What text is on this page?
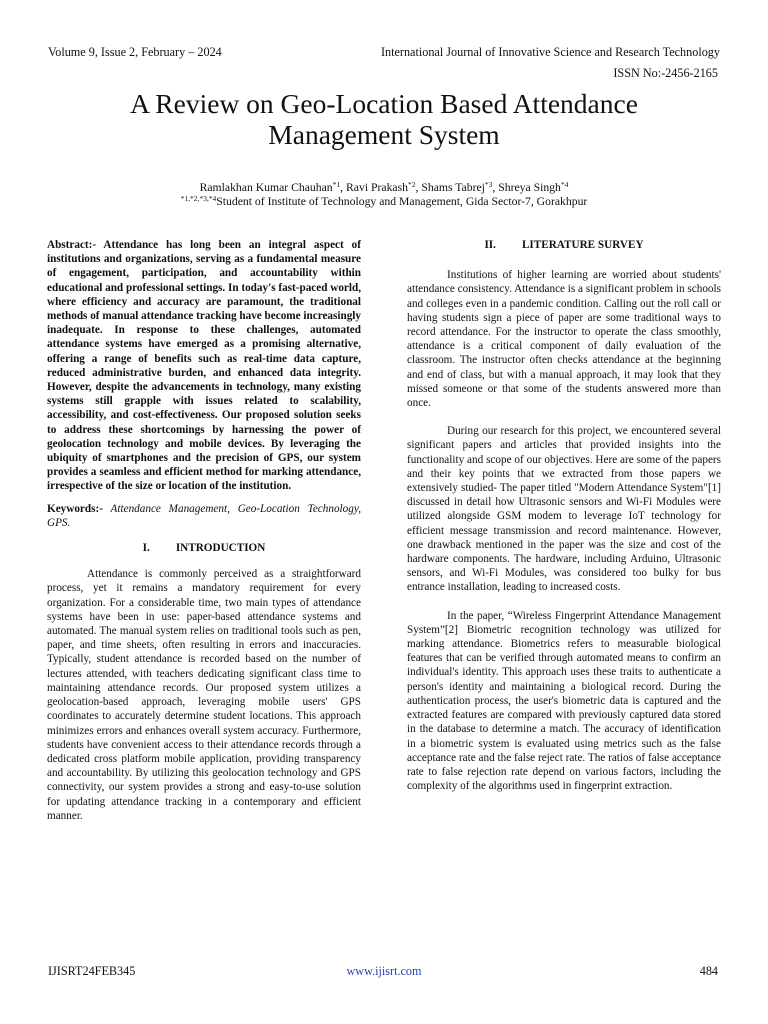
Volume 9, Issue 2, February – 2024	International Journal of Innovative Science and Research Technology
ISSN No:-2456-2165
A Review on Geo-Location Based Attendance Management System
Ramlakhan Kumar Chauhan$^{*1}$, Ravi Prakash$^{*2}$, Shams Tabrej$^{*3}$, Shreya Singh$^{*4}$
$^{*1,*2,*3,*4}$Student of Institute of Technology and Management, Gida Sector-7, Gorakhpur

Abstract:- Attendance has long been an integral aspect of institutions and organizations, serving as a fundamental measure of engagement, participation, and accountability within educational and professional settings. In today's fast-paced world, where efficiency and accuracy are paramount, the traditional methods of manual attendance tracking have become increasingly inadequate. In response to these challenges, automated attendance systems have emerged as a promising alternative, offering a range of benefits such as real-time data capture, reduced administrative burden, and enhanced data integrity. However, despite the advancements in technology, many existing systems still grapple with issues related to scalability, accessibility, and cost-effectiveness. Our proposed solution seeks to address these shortcomings by harnessing the power of geolocation technology and mobile devices. By leveraging the ubiquity of smartphones and the precision of GPS, our system provides a seamless and efficient method for marking attendance, irrespective of the size or location of the institution.

Keywords:- Attendance Management, Geo-Location Technology, GPS.

I. INTRODUCTION

Attendance is commonly perceived as a straightforward process, yet it remains a mandatory requirement for every organization. For a considerable time, two main types of attendance systems have been in use: paper-based attendance systems and automated. The manual system relies on traditional tools such as pen, paper, and time sheets, often resulting in errors and inaccuracies. Typically, student attendance is recorded based on the number of lectures attended, with teachers dedicating significant class time to maintaining attendance records. Our proposed system utilizes a geolocation-based approach, leveraging mobile users' GPS coordinates to accurately determine student locations. This approach minimizes errors and enhances overall system accuracy. Furthermore, students have convenient access to their attendance records through a dedicated cross platform mobile application, providing transparency and accountability. By utilizing this geolocation technology and GPS connectivity, our system provides a strong and easy-to-use solution for updating attendance tracking in a contemporary and efficient manner.

II. LITERATURE SURVEY

Institutions of higher learning are worried about students' attendance consistency. Attendance is a significant problem in schools and colleges even in a pandemic condition. Calling out the roll call or having students sign a piece of paper are some traditional ways to record attendance. For the instructor to operate the class smoothly, attendance is a critical component of daily evaluation of the classroom. The instructor often checks attendance at the beginning and end of class, but with a manual approach, it may look that they missed someone or that some of the students answered more than once.

During our research for this project, we encountered several significant papers and articles that provided insights into the functionality and scope of our objectives. Here are some of the papers and their key points that we extracted from those papers we extensively studied- The paper titled "Modern Attendance System"[1] discussed in detail how Ultrasonic sensors and Wi-Fi Modules were utilized alongside GSM modem to leverage IoT technology for efficient message transmission and record maintenance. However, one drawback mentioned in the paper was the size and cost of the hardware components. The hardware, including Arduino, Ultrasonic sensors, and Wi-Fi Modules, was considered too bulky for bus entrance installation, leading to increased costs.

In the paper, “Wireless Fingerprint Attendance Management System”[2] Biometric recognition technology was utilized for marking attendance. Biometrics refers to measurable biological features that can be verified through automated means to confirm an individual's identity. This approach uses these traits to authenticate a person's identity and maintaining a biological record. During the authentication process, the user's biometric data is captured and the extracted features are compared with previously captured data stored in the database to determine a match. The accuracy of identification in a biometric system is evaluated using metrics such as the false acceptance rate and the false reject rate. The ratios of false acceptance rate to false rejection rate depend on various factors, including the complexity of the algorithms used in fingerprint extraction.

IJISRT24FEB345	www.ijisrt.com	484
